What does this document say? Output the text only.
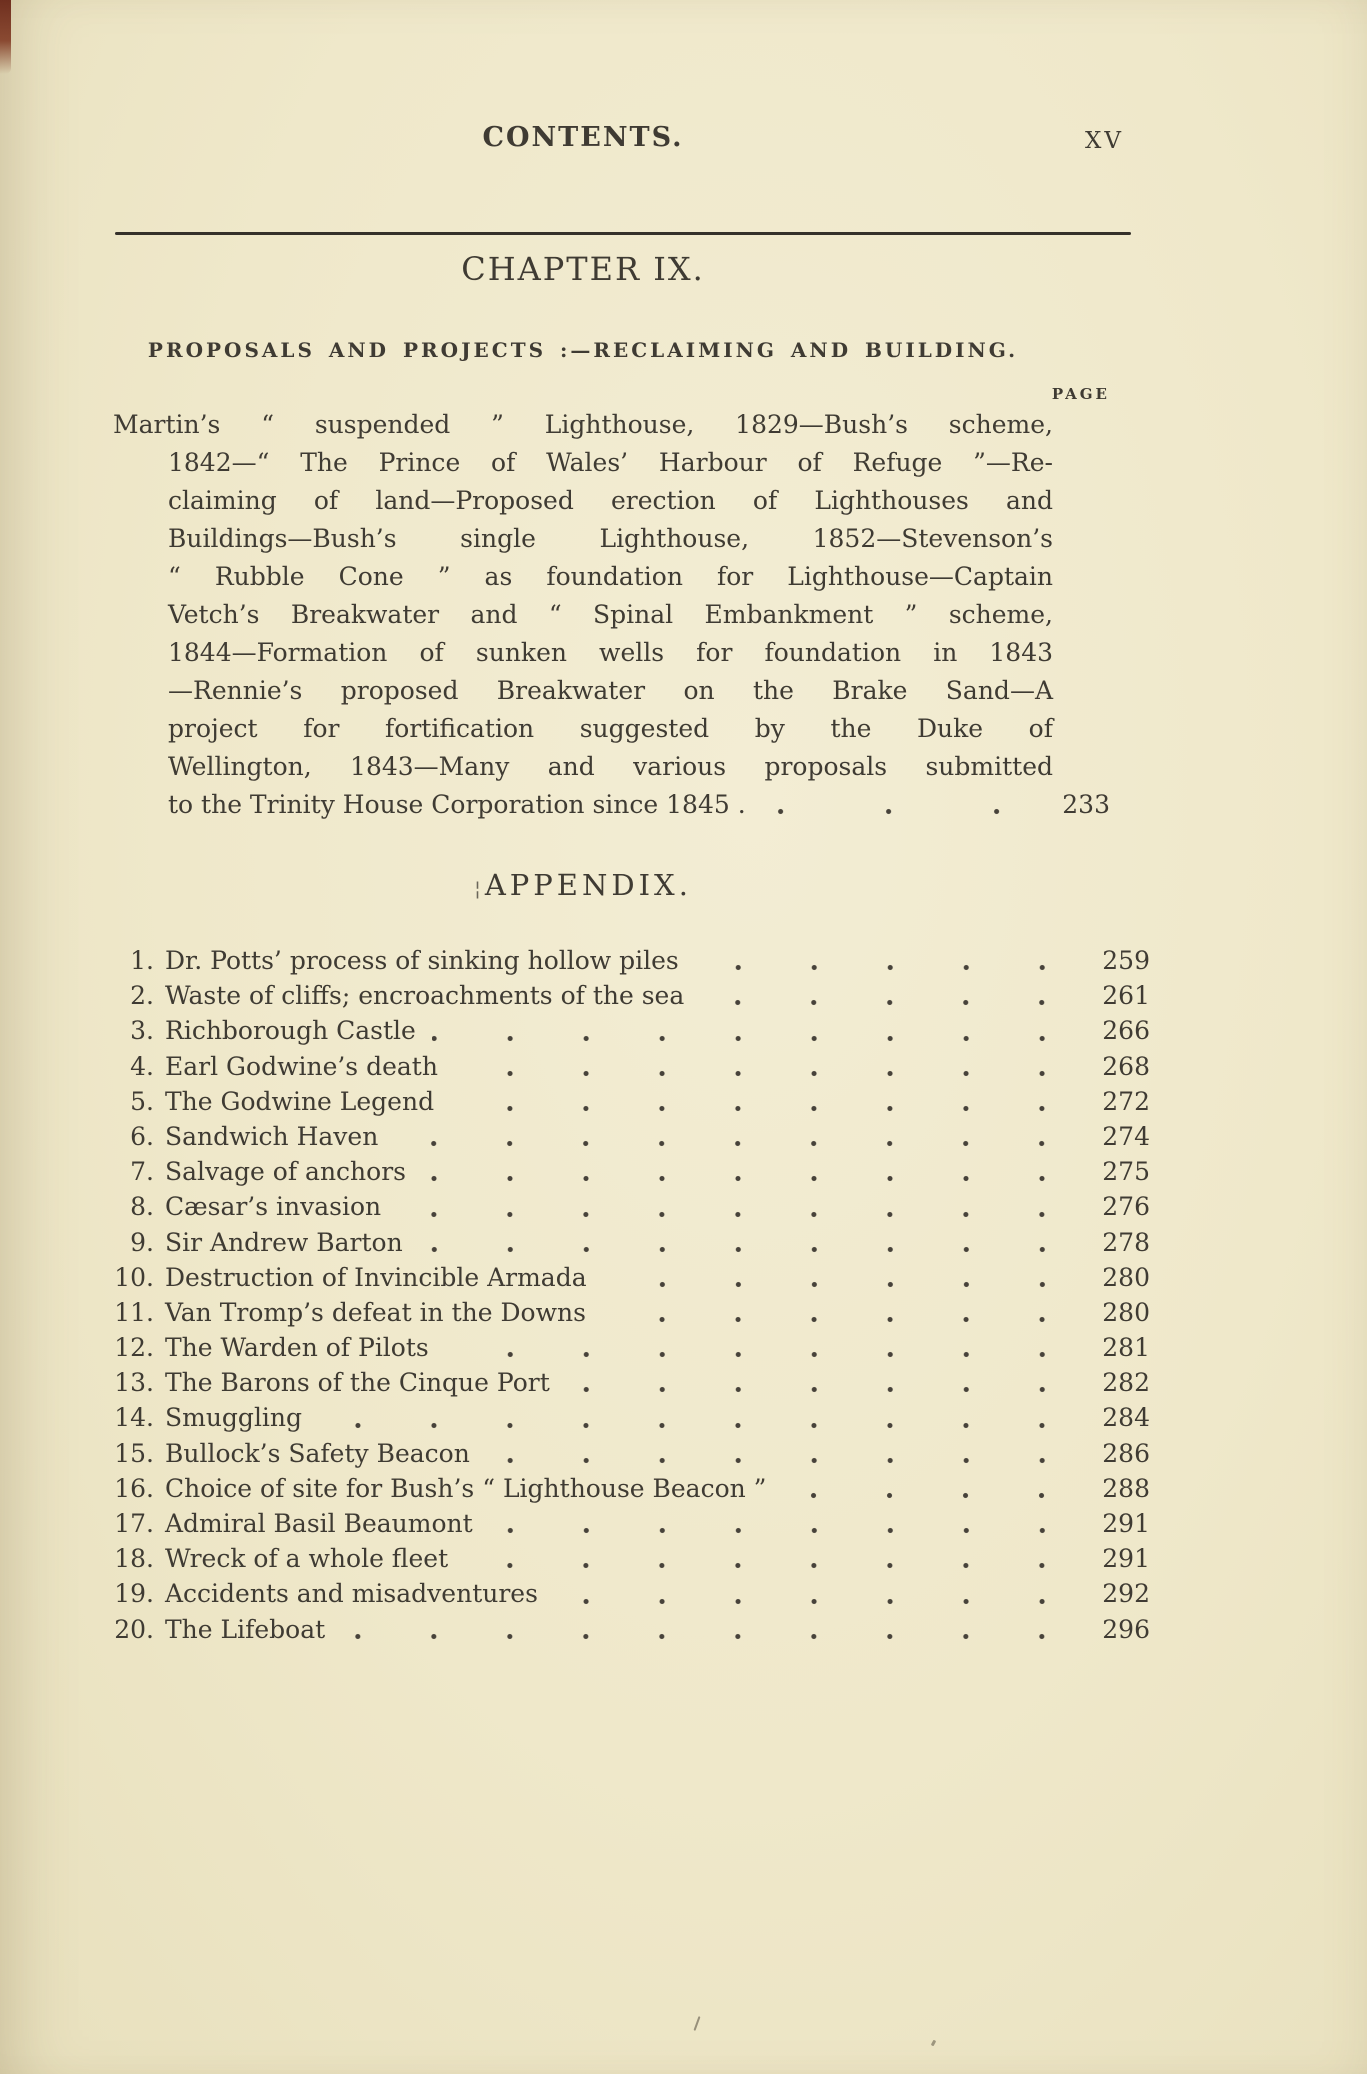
CONTENTS.	XV
CHAPTER IX.
PROPOSALS AND PROJECTS :—RECLAIMING AND BUILDING.
PAGE
Martin’s “ suspended ” Lighthouse, 1829—Bush’s scheme,
1842—“ The Prince of Wales’ Harbour of Refuge ”—Re-
claiming of land—Proposed erection of Lighthouses and
Buildings—Bush’s single Lighthouse, 1852—Stevenson’s
“ Rubble Cone ” as foundation for Lighthouse—Captain
Vetch’s Breakwater and “ Spinal Embankment ” scheme,
1844—Formation of sunken wells for foundation in 1843
—Rennie’s proposed Breakwater on the Brake Sand—A
project for fortification suggested by the Duke of
Wellington, 1843—Many and various proposals submitted
to the Trinity House Corporation since 1845 .	233
¦ APPENDIX.
1. Dr. Potts’ process of sinking hollow piles	259
2. Waste of cliffs; encroachments of the sea	261
3. Richborough Castle	266
4. Earl Godwine’s death	268
5. The Godwine Legend	272
6. Sandwich Haven	274
7. Salvage of anchors	275
8. Cæsar’s invasion	276
9. Sir Andrew Barton	278
10. Destruction of Invincible Armada	280
11. Van Tromp’s defeat in the Downs	280
12. The Warden of Pilots	281
13. The Barons of the Cinque Port	282
14. Smuggling	284
15. Bullock’s Safety Beacon	286
16. Choice of site for Bush’s “ Lighthouse Beacon ”	288
17. Admiral Basil Beaumont	291
18. Wreck of a whole fleet	291
19. Accidents and misadventures	292
20. The Lifeboat	296
